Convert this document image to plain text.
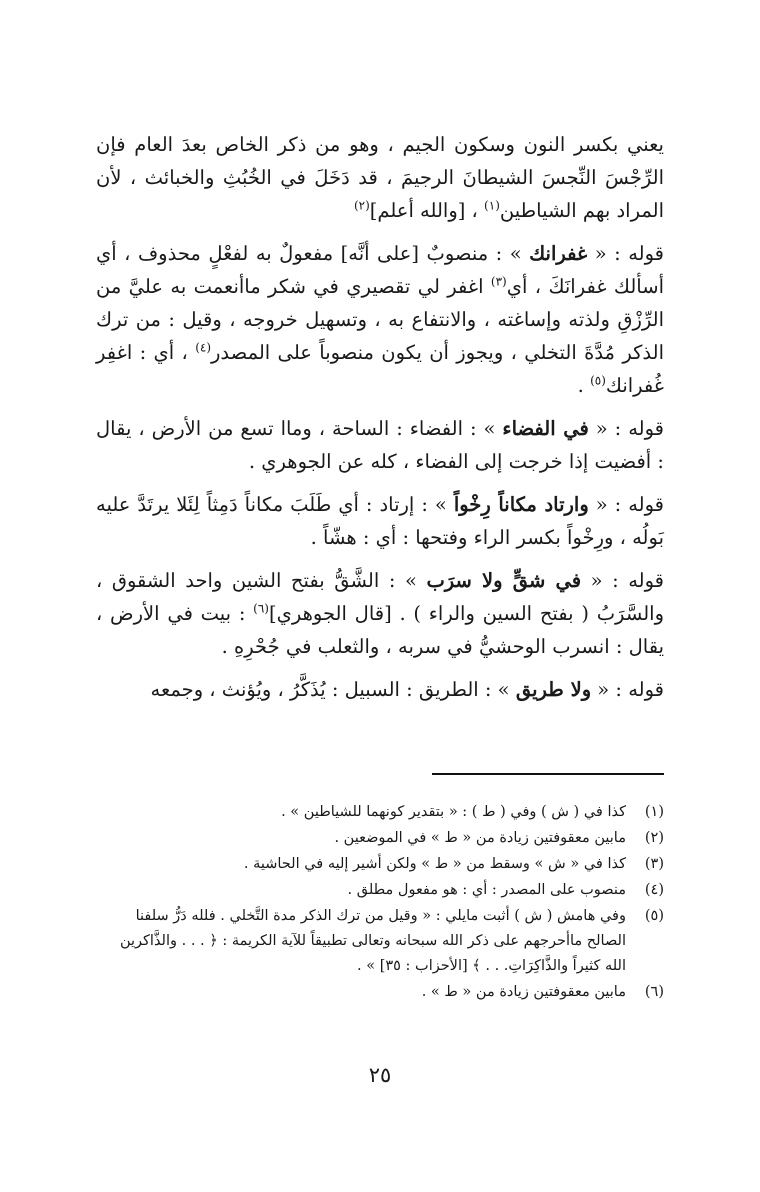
يعني بكسر النون وسكون الجيم ، وهو من ذكر الخاص بعدَ العام فإن الرِّجْسَ النِّجسَ الشيطانَ الرجيمَ ، قد دَخَلَ في الخُبُثِ والخبائث ، لأن المراد بهم الشياطين$^{(١)}$ ، [والله أعلم]$^{(٢)}$

قوله : « غفرانك » : منصوبٌ [على أنَّه] مفعولٌ به لفعْلٍ محذوف ، أي أسألك غفرانَكَ ، أي$^{(٣)}$ اغفر لي تقصيري في شكر ماأنعمت به عليَّ من الرِّزْقِ ولذته وإساغته ، والانتفاع به ، وتسهيل خروجه ، وقيل : من ترك الذكر مُدَّةَ التخلي ، ويجوز أن يكون منصوباً على المصدر$^{(٤)}$ ، أي : اغفِر غُفرانك$^{(٥)}$ .

قوله : « في الفضاء » : الفضاء : الساحة ، وماا تسع من الأرض ، يقال : أفضيت إذا خرجت إلى الفضاء ، كله عن الجوهري .

قوله : « وارتاد مكاناً رِخْواً » : إرتاد : أي طَلَبَ مكاناً دَمِثاً لِئَلا يرتَدَّ عليه بَولُه ، ورِخْواً بكسر الراء وفتحها : أي : هشّاً .

قوله : « في شقٍّ ولا سرَب » : الشَّقُّ بفتح الشين واحد الشقوق ، والسَّرَبُ ( بفتح السين والراء ) . [قال الجوهري]$^{(٦)}$ : بيت في الأرض ، يقال : انسرب الوحشيُّ في سربه ، والثعلب في جُحْرِهِ .

قوله : « ولا طريق » : الطريق : السبيل : يُذَكَّرُ ، ويُؤنث ، وجمعه

(١)
كذا في ( ش ) وفي ( ط ) : « بتقدير كونهما للشياطين » .
(٢)
مابين معقوفتين زيادة من « ط » في الموضعين .
(٣)
كذا في « ش » وسقط من « ط » ولكن أشير إليه في الحاشية .
(٤)
منصوب على المصدر : أي : هو مفعول مطلق .
(٥)
وفي هامش ( ش ) أثبت مايلي : « وقيل من ترك الذكر مدة التَّخلي . فلله دَرُّ سلفنا الصالح ماأحرجهم على ذكر الله سبحانه وتعالى تطبيقاً للآية الكريمة : ﴿ . . . والذَّاكرين الله كثيراً والذَّاكِرَاتِ. . . ﴾ [الأحزاب : ٣٥] » .
(٦)
مابين معقوفتين زيادة من « ط » .
٢٥
